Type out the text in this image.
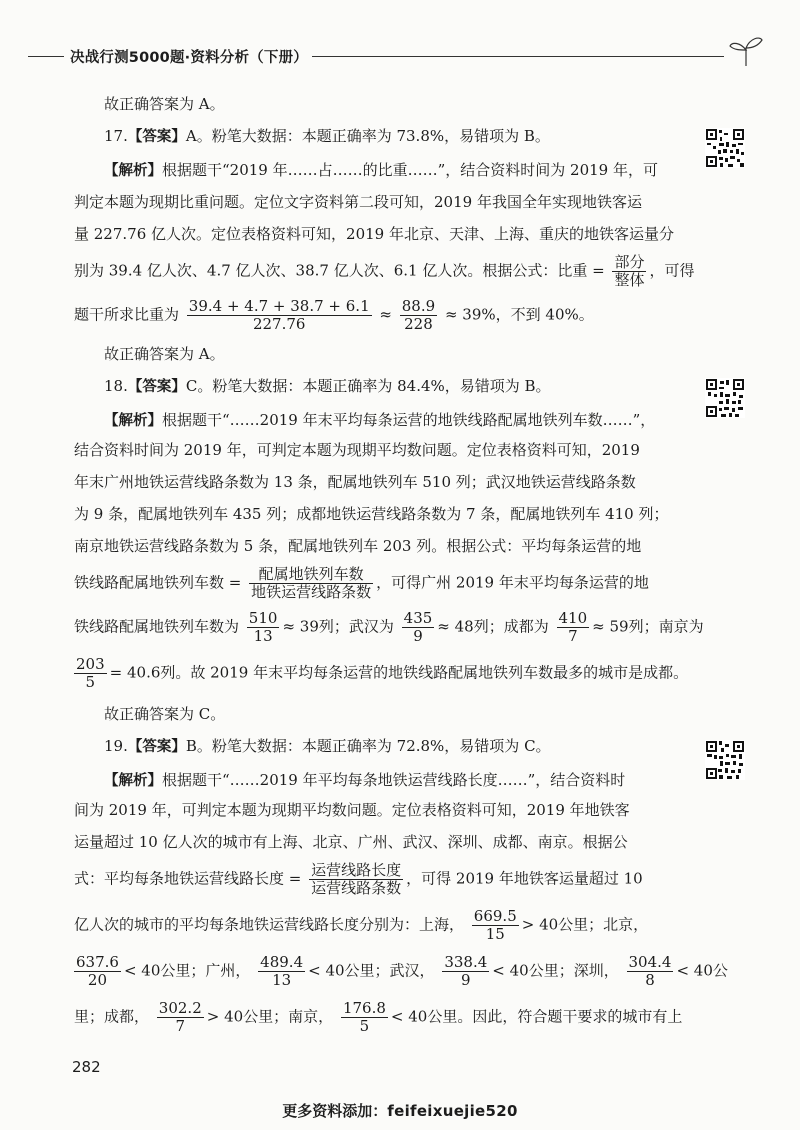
决战行测5000题·资料分析（下册）
故正确答案为 A。
17.【答案】A。粉笔大数据：本题正确率为 73.8%，易错项为 B。
【解析】根据题干“2019 年……占……的比重……”，结合资料时间为 2019 年，可
判定本题为现期比重问题。定位文字资料第二段可知，2019 年我国全年实现地铁客运
量 227.76 亿人次。定位表格资料可知，2019 年北京、天津、上海、重庆的地铁客运量分
别为 39.4 亿人次、4.7 亿人次、38.7 亿人次、6.1 亿人次。根据公式：比重 = $\frac{\text{部分}}{\text{整体}}$ ，可得
题干所求比重为 $\frac{39.4 + 4.7 + 38.7 + 6.1}{227.76} \approx \frac{88.9}{228} \approx 39\%$，不到 40%。
故正确答案为 A。
18.【答案】C。粉笔大数据：本题正确率为 84.4%，易错项为 B。
【解析】根据题干“……2019 年末平均每条运营的地铁线路配属地铁列车数……”，
结合资料时间为 2019 年，可判定本题为现期平均数问题。定位表格资料可知，2019
年末广州地铁运营线路条数为 13 条，配属地铁列车 510 列；武汉地铁运营线路条数
为 9 条，配属地铁列车 435 列；成都地铁运营线路条数为 7 条，配属地铁列车 410 列；
南京地铁运营线路条数为 5 条，配属地铁列车 203 列。根据公式：平均每条运营的地
铁线路配属地铁列车数 = $\frac{\text{配属地铁列车数}}{\text{地铁运营线路条数}}$ ，可得广州 2019 年末平均每条运营的地
铁线路配属地铁列车数为 $\frac{510}{13} \approx 39$列；武汉为 $\frac{435}{9} \approx 48$列；成都为 $\frac{410}{7} \approx 59$列；南京为
$\frac{203}{5} = 40.6$列。故 2019 年末平均每条运营的地铁线路配属地铁列车数最多的城市是成都。
故正确答案为 C。
19.【答案】B。粉笔大数据：本题正确率为 72.8%，易错项为 C。
【解析】根据题干“……2019 年平均每条地铁运营线路长度……”，结合资料时
间为 2019 年，可判定本题为现期平均数问题。定位表格资料可知，2019 年地铁客
运量超过 10 亿人次的城市有上海、北京、广州、武汉、深圳、成都、南京。根据公
式：平均每条地铁运营线路长度 = $\frac{\text{运营线路长度}}{\text{运营线路条数}}$ ，可得 2019 年地铁客运量超过 10
亿人次的城市的平均每条地铁运营线路长度分别为：上海， $\frac{669.5}{15} > 40$公里；北京，
$\frac{637.6}{20} < 40$公里；广州， $\frac{489.4}{13} < 40$公里；武汉， $\frac{338.4}{9} < 40$公里；深圳， $\frac{304.4}{8} < 40$公
里；成都， $\frac{302.2}{7} > 40$公里；南京， $\frac{176.8}{5} < 40$公里。因此，符合题干要求的城市有上
282
更多资料添加：feifeixuejie520
